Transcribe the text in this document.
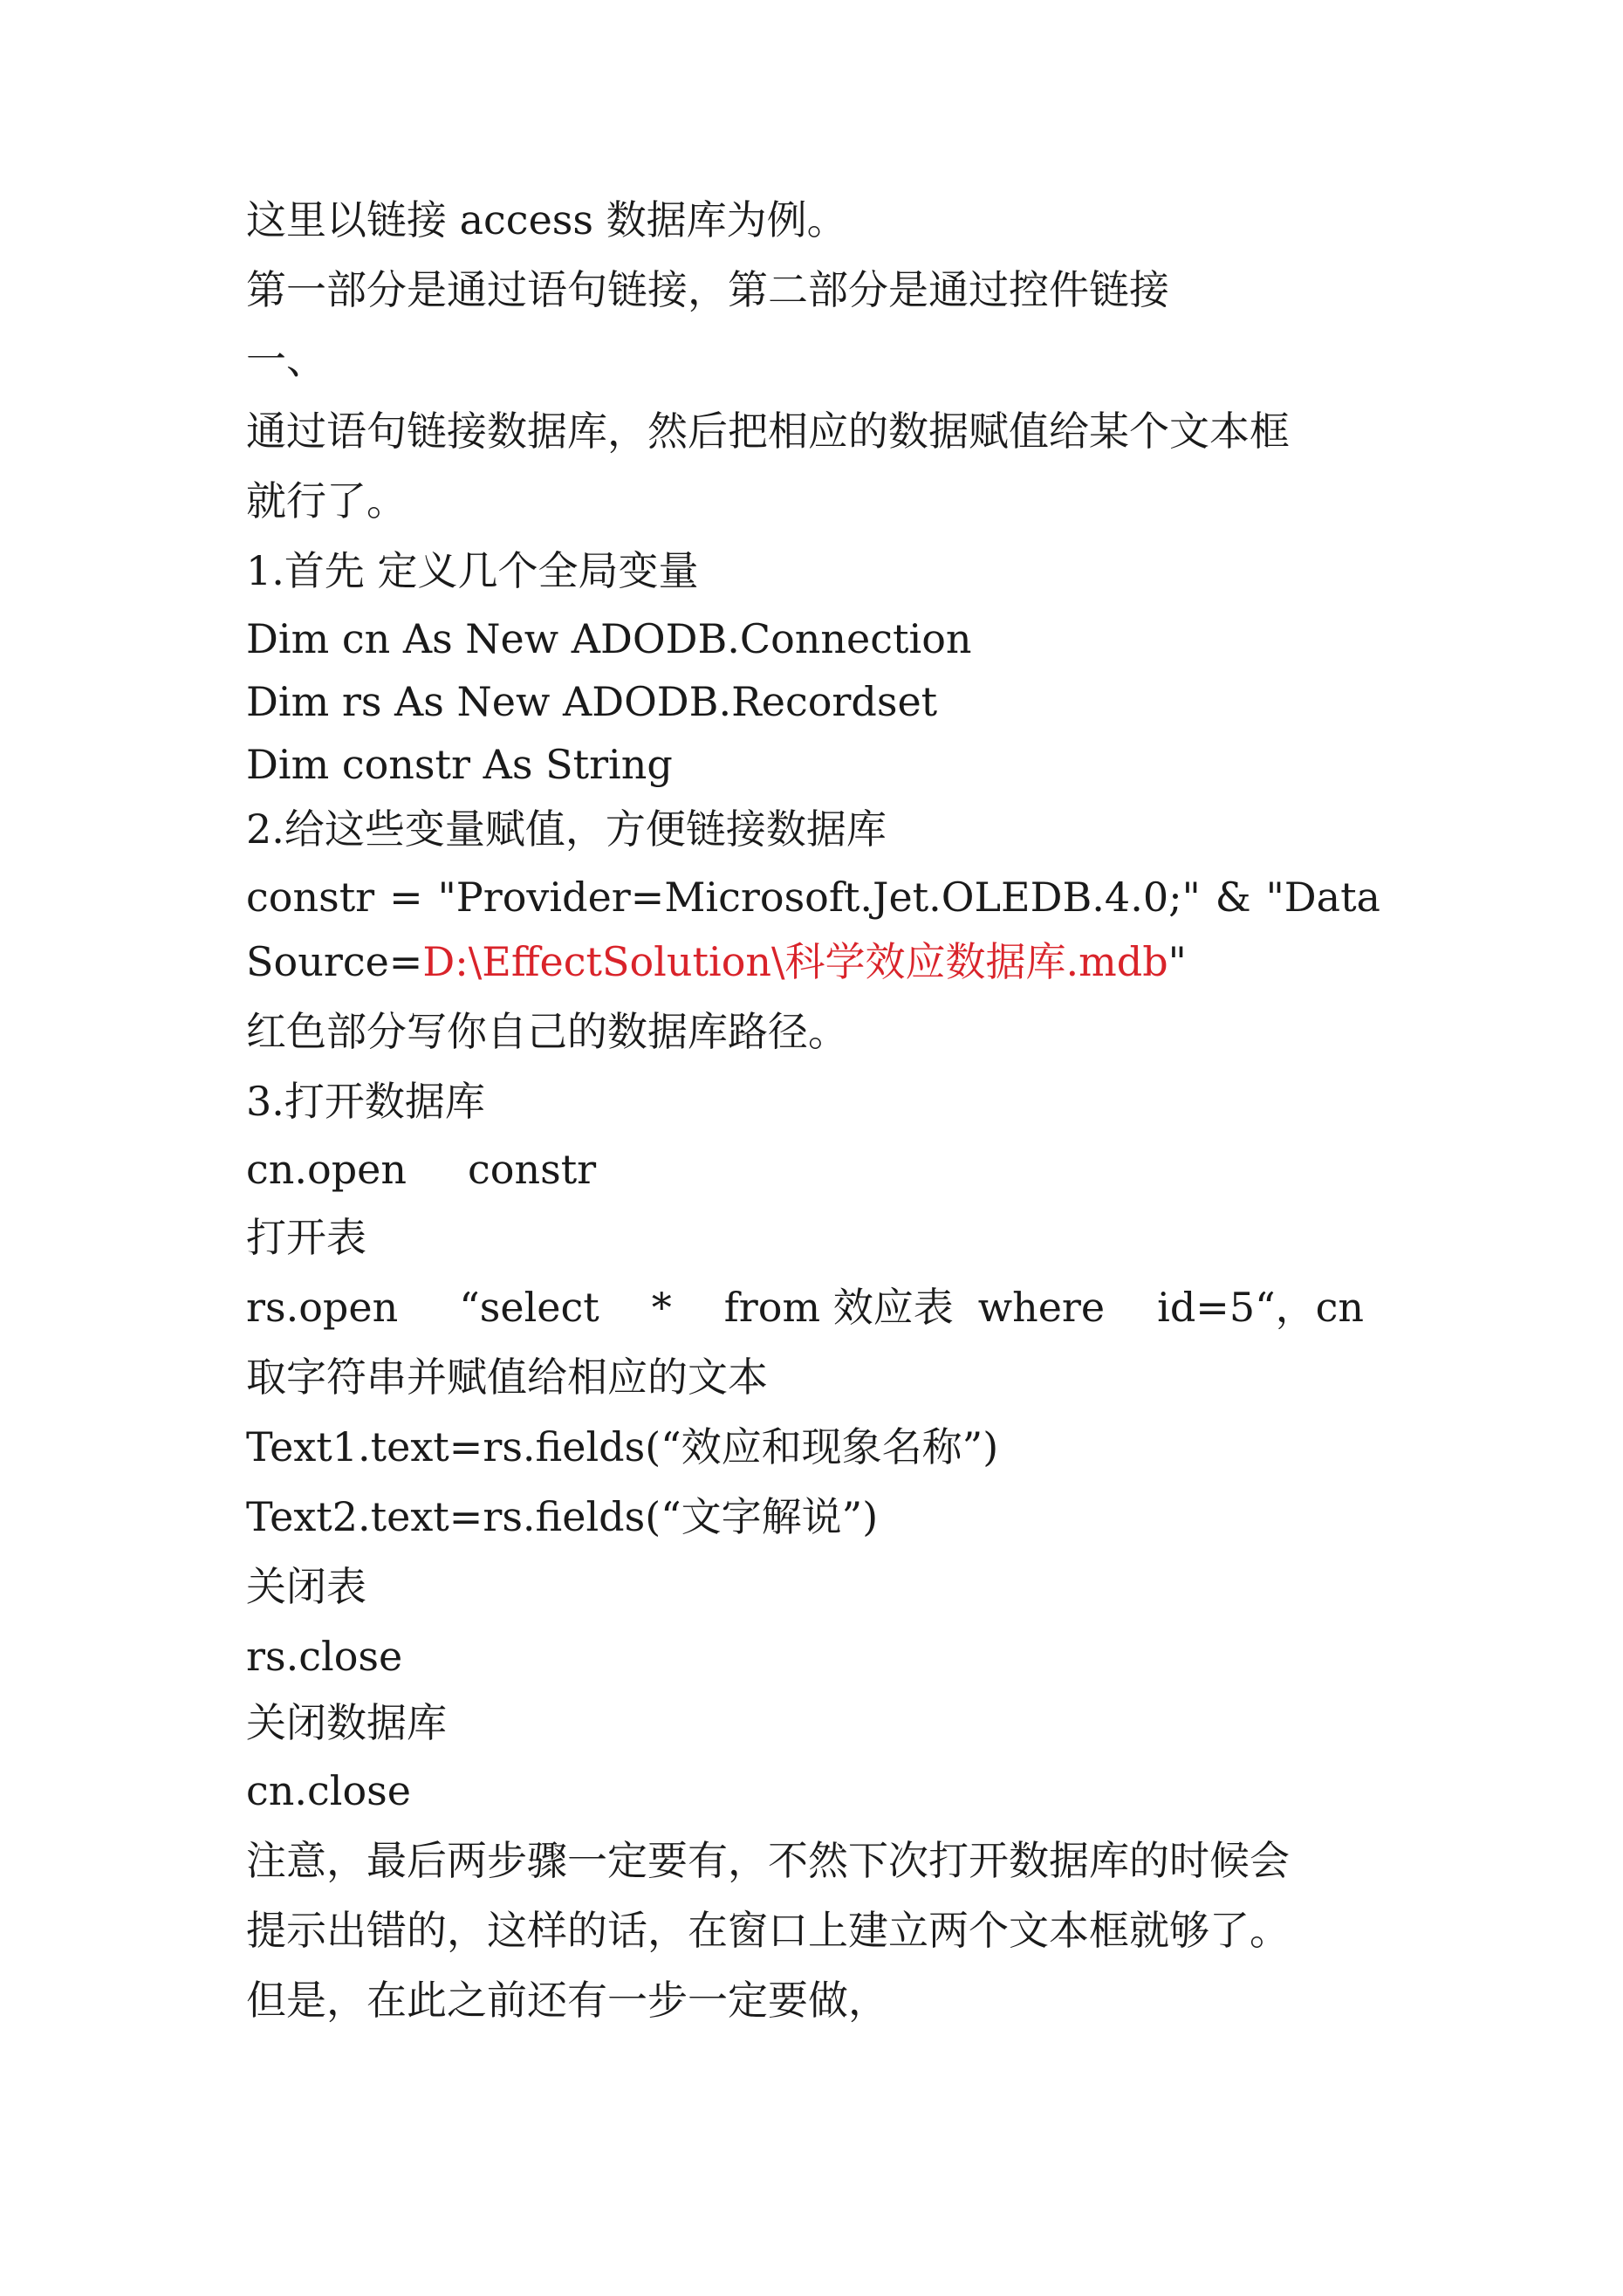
这里以链接 access 数据库为例。
第一部分是通过语句链接，第二部分是通过控件链接
一、
通过语句链接数据库，然后把相应的数据赋值给某个文本框
就行了。
1.首先 定义几个全局变量
Dim cn As New ADODB.Connection
Dim rs As New ADODB.Recordset
Dim constr As String
2.给这些变量赋值，方便链接数据库
constr = "Provider=Microsoft.Jet.OLEDB.4.0;" & "Data
Source=D:\EffectSolution\科学效应数据库.mdb"
红色部分写你自己的数据库路径。
3.打开数据库
cn.open constr
打开表
rs.open “select * from 效应表 where id=5“，cn
取字符串并赋值给相应的文本
Text1.text=rs.fields(“效应和现象名称”)
Text2.text=rs.fields(“文字解说”)
关闭表
rs.close
关闭数据库
cn.close
注意，最后两步骤一定要有，不然下次打开数据库的时候会
提示出错的，这样的话，在窗口上建立两个文本框就够了。
但是，在此之前还有一步一定要做，
